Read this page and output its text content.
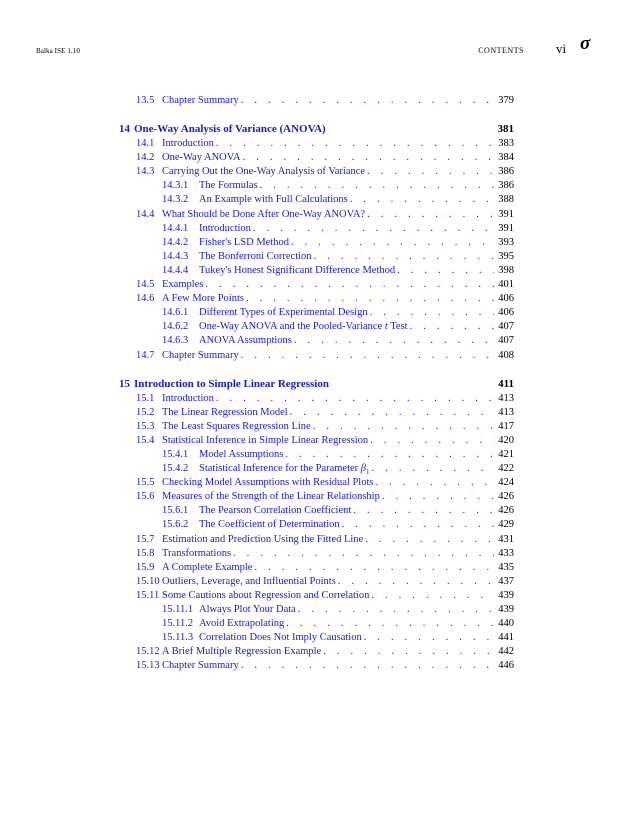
Balka ISE 1.10	CONTENTS vi σ
13.5 Chapter Summary . . .	379
14 One-Way Analysis of Variance (ANOVA)	381
14.1 Introduction . . .	383
14.2 One-Way ANOVA . . .	384
14.3 Carrying Out the One-Way Analysis of Variance . . .	386
14.3.1	The Formulas . . .	386
14.3.2	An Example with Full Calculations . . .	388
14.4 What Should be Done After One-Way ANOVA? . . .	391
14.4.1	Introduction . . .	391
14.4.2	Fisher's LSD Method . . .	393
14.4.3	The Bonferroni Correction . . .	395
14.4.4	Tukey's Honest Significant Difference Method . . .	398
14.5 Examples . . .	401
14.6 A Few More Points . . .	406
14.6.1	Different Types of Experimental Design . . .	406
14.6.2	One-Way ANOVA and the Pooled-Variance t Test . . .	407
14.6.3	ANOVA Assumptions . . .	407
14.7 Chapter Summary . . .	408
15 Introduction to Simple Linear Regression	411
15.1 Introduction . . .	413
15.2 The Linear Regression Model . . .	413
15.3 The Least Squares Regression Line . . .	417
15.4 Statistical Inference in Simple Linear Regression . . .	420
15.4.1	Model Assumptions . . .	421
15.4.2	Statistical Inference for the Parameter $\beta_1$ . . .	422
15.5 Checking Model Assumptions with Residual Plots . . .	424
15.6 Measures of the Strength of the Linear Relationship . . .	426
15.6.1	The Pearson Correlation Coefficient . . .	426
15.6.2	The Coefficient of Determination . . .	429
15.7 Estimation and Prediction Using the Fitted Line . . .	431
15.8 Transformations . . .	433
15.9 A Complete Example . . .	435
15.10 Outliers, Leverage, and Influential Points . . .	437
15.11 Some Cautions about Regression and Correlation . . .	439
15.11.1 Always Plot Your Data . . .	439
15.11.2 Avoid Extrapolating . . .	440
15.11.3 Correlation Does Not Imply Causation . . .	441
15.12 A Brief Multiple Regression Example . . .	442
15.13 Chapter Summary . . .	446
